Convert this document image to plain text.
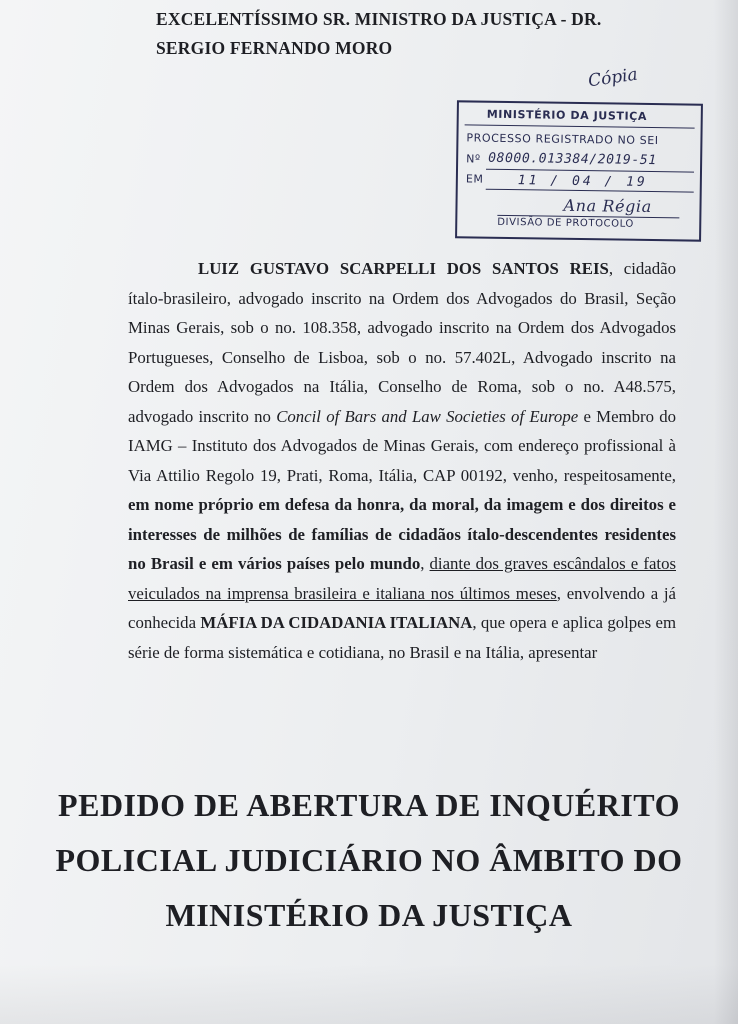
EXCELENTÍSSIMO SR. MINISTRO DA JUSTIÇA - DR.
SERGIO FERNANDO MORO
Cópia
MINISTÉRIO DA JUSTIÇA
PROCESSO REGISTRADO NO SEI
Nº 08000.013384/2019-51
EM	11 / 04 / 19
Ana Régia
DIVISÃO DE PROTOCOLO

LUIZ GUSTAVO SCARPELLI DOS SANTOS REIS, cidadão ítalo-brasileiro, advogado inscrito na Ordem dos Advogados do Brasil, Seção Minas Gerais, sob o no. 108.358, advogado inscrito na Ordem dos Advogados Portugueses, Conselho de Lisboa, sob o no. 57.402L, Advogado inscrito na Ordem dos Advogados na Itália, Conselho de Roma, sob o no. A48.575, advogado inscrito no Concil of Bars and Law Societies of Europe e Membro do IAMG – Instituto dos Advogados de Minas Gerais, com endereço profissional à Via Attilio Regolo 19, Prati, Roma, Itália, CAP 00192, venho, respeitosamente, em nome próprio em defesa da honra, da moral, da imagem e dos direitos e interesses de milhões de famílias de cidadãos ítalo-descendentes residentes no Brasil e em vários países pelo mundo, diante dos graves escândalos e fatos veiculados na imprensa brasileira e italiana nos últimos meses, envolvendo a já conhecida MÁFIA DA CIDADANIA ITALIANA, que opera e aplica golpes em série de forma sistemática e cotidiana, no Brasil e na Itália, apresentar

PEDIDO DE ABERTURA DE INQUÉRITO
POLICIAL JUDICIÁRIO NO ÂMBITO DO
MINISTÉRIO DA JUSTIÇA
